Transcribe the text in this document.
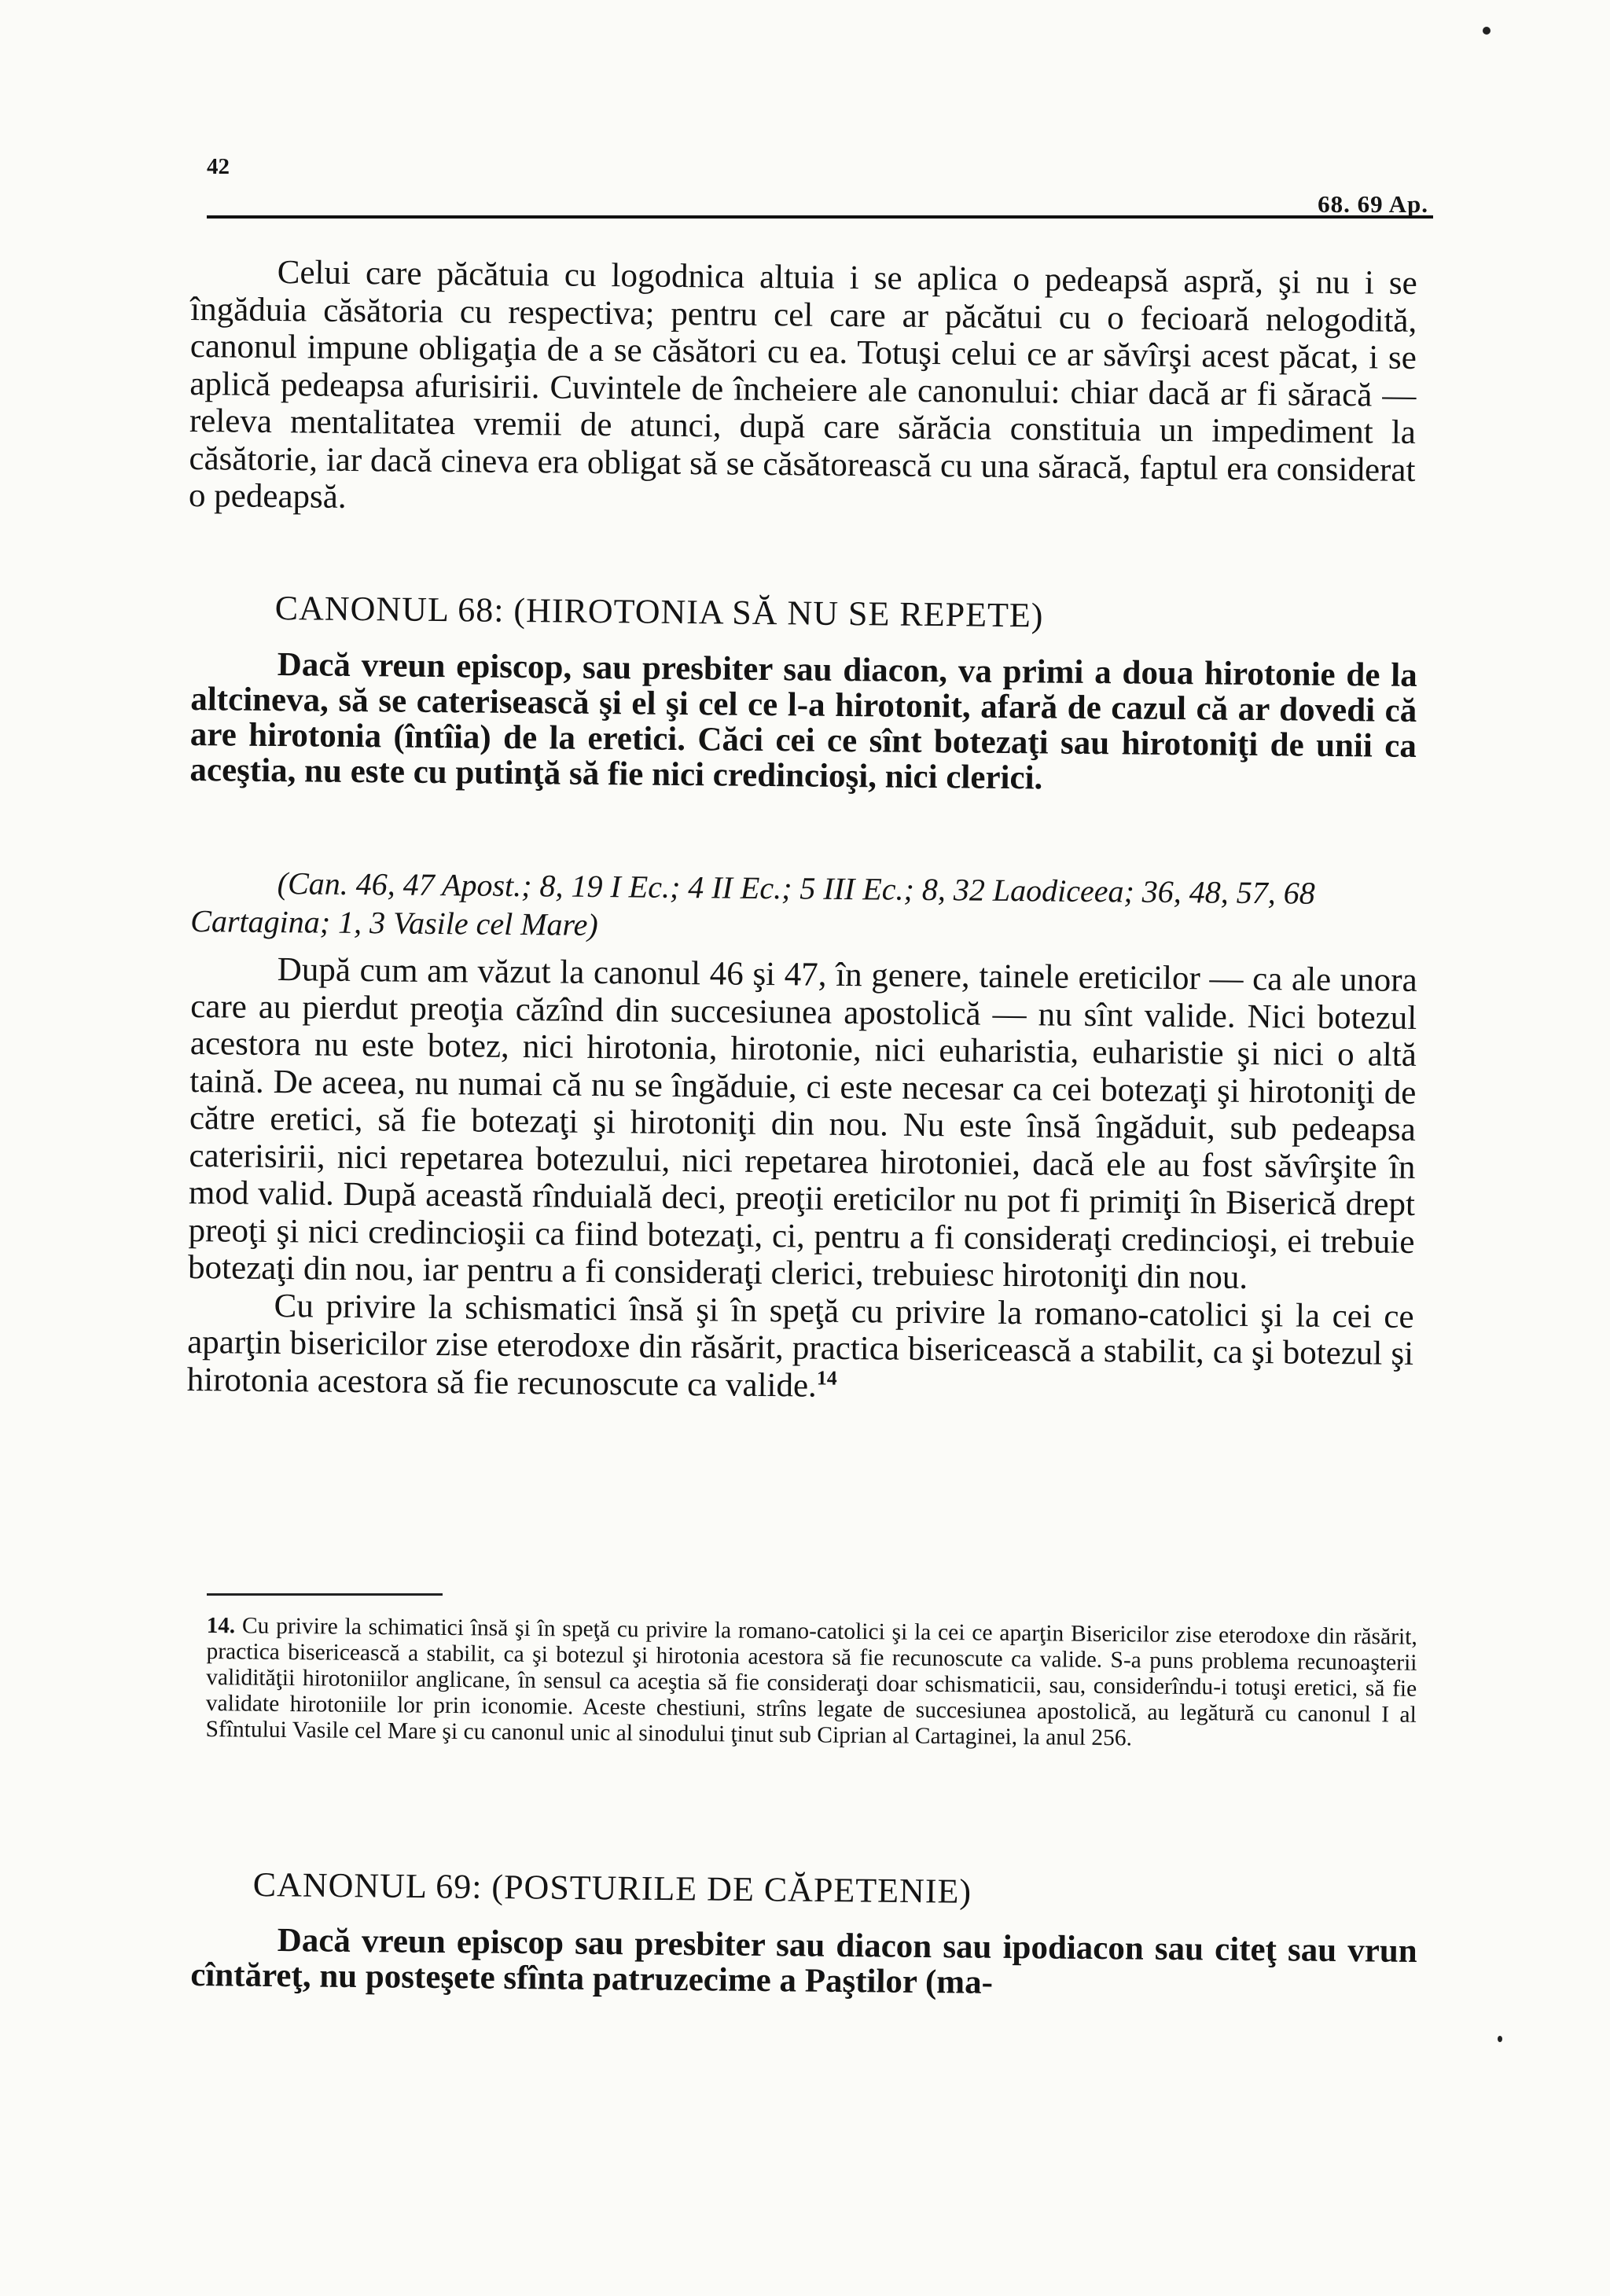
42
68. 69 Ap.

Celui care păcătuia cu logodnica altuia i se aplica o pedeapsă aspră, şi nu i se îngăduia căsătoria cu respectiva; pentru cel care ar păcătui cu o fecioară nelogodită, canonul impune obligaţia de a se căsători cu ea. Totuşi celui ce ar săvîrşi acest păcat, i se aplică pedeapsa afurisirii. Cuvintele de încheiere ale canonului: chiar dacă ar fi săracă — releva mentalitatea vremii de atunci, după care sărăcia constituia un impediment la căsătorie, iar dacă cineva era obligat să se căsătorească cu una săracă, faptul era considerat o pedeapsă.

CANONUL 68: (HIROTONIA SĂ NU SE REPETE)

Dacă vreun episcop, sau presbiter sau diacon, va primi a doua hirotonie de la altcineva, să se caterisească şi el şi cel ce l-a hirotonit, afară de cazul că ar dovedi că are hirotonia (întîia) de la eretici. Căci cei ce sînt botezaţi sau hirotoniţi de unii ca aceştia, nu este cu putinţă să fie nici credincioşi, nici clerici.

(Can. 46, 47 Apost.; 8, 19 I Ec.; 4 II Ec.; 5 III Ec.; 8, 32 Laodiceea; 36, 48, 57, 68 Cartagina; 1, 3 Vasile cel Mare)

După cum am văzut la canonul 46 şi 47, în genere, tainele ereticilor — ca ale unora care au pierdut preoţia căzînd din succesiunea apostolică — nu sînt valide. Nici botezul acestora nu este botez, nici hirotonia, hirotonie, nici euharistia, euharistie şi nici o altă taină. De aceea, nu numai că nu se îngăduie, ci este necesar ca cei botezaţi şi hirotoniţi de către eretici, să fie botezaţi şi hirotoniţi din nou. Nu este însă îngăduit, sub pedeapsa caterisirii, nici repetarea botezului, nici repetarea hirotoniei, dacă ele au fost săvîrşite în mod valid. După această rînduială deci, preoţii ereticilor nu pot fi primiţi în Biserică drept preoţi şi nici credincioşii ca fiind botezaţi, ci, pentru a fi consideraţi credincioşi, ei trebuie botezaţi din nou, iar pentru a fi consideraţi clerici, trebuiesc hirotoniţi din nou.

Cu privire la schismatici însă şi în speţă cu privire la romano-catolici şi la cei ce aparţin bisericilor zise eterodoxe din răsărit, practica bisericească a stabilit, ca şi botezul şi hirotonia acestora să fie recunoscute ca valide.$^{14}$

14. Cu privire la schimatici însă şi în speţă cu privire la romano-catolici şi la cei ce aparţin Bisericilor zise eterodoxe din răsărit, practica bisericească a stabilit, ca şi botezul şi hirotonia acestora să fie recunoscute ca valide. S-a puns problema recunoaşterii validităţii hirotoniilor anglicane, în sensul ca aceştia să fie consideraţi doar schismaticii, sau, considerîndu-i totuşi eretici, să fie validate hirotoniile lor prin iconomie. Aceste chestiuni, strîns legate de succesiunea apostolică, au legătură cu canonul I al Sfîntului Vasile cel Mare şi cu canonul unic al sinodului ţinut sub Ciprian al Cartaginei, la anul 256.
CANONUL 69: (POSTURILE DE CĂPETENIE)

Dacă vreun episcop sau presbiter sau diacon sau ipodiacon sau citeţ sau vrun cîntăreţ, nu posteşete sfînta patruzecime a Paştilor (ma-
